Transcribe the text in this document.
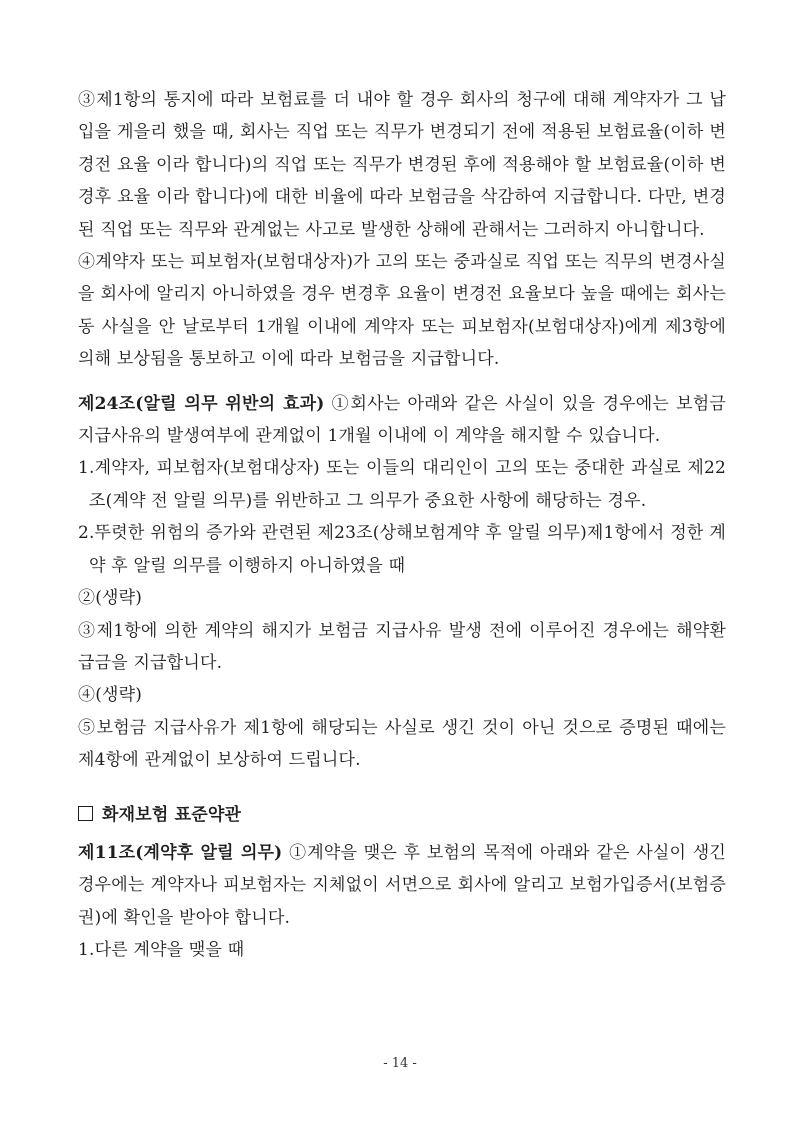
③제1항의 통지에 따라 보험료를 더 내야 할 경우 회사의 청구에 대해 계약자가 그 납입을 게을리 했을 때, 회사는 직업 또는 직무가 변경되기 전에 적용된 보험료율(이하 변경전 요율 이라 합니다)의 직업 또는 직무가 변경된 후에 적용해야 할 보험료율(이하 변경후 요율 이라 합니다)에 대한 비율에 따라 보험금을 삭감하여 지급합니다. 다만, 변경된 직업 또는 직무와 관계없는 사고로 발생한 상해에 관해서는 그러하지 아니합니다.

④계약자 또는 피보험자(보험대상자)가 고의 또는 중과실로 직업 또는 직무의 변경사실을 회사에 알리지 아니하였을 경우 변경후 요율이 변경전 요율보다 높을 때에는 회사는 동 사실을 안 날로부터 1개월 이내에 계약자 또는 피보험자(보험대상자)에게 제3항에 의해 보상됨을 통보하고 이에 따라 보험금을 지급합니다.

제24조(알릴 의무 위반의 효과) ①회사는 아래와 같은 사실이 있을 경우에는 보험금 지급사유의 발생여부에 관계없이 1개월 이내에 이 계약을 해지할 수 있습니다.

1.계약자, 피보험자(보험대상자) 또는 이들의 대리인이 고의 또는 중대한 과실로 제22조(계약 전 알릴 의무)를 위반하고 그 의무가 중요한 사항에 해당하는 경우.

2.뚜렷한 위험의 증가와 관련된 제23조(상해보험계약 후 알릴 의무)제1항에서 정한 계약 후 알릴 의무를 이행하지 아니하였을 때

②(생략)

③제1항에 의한 계약의 해지가 보험금 지급사유 발생 전에 이루어진 경우에는 해약환급금을 지급합니다.

④(생략)

⑤보험금 지급사유가 제1항에 해당되는 사실로 생긴 것이 아닌 것으로 증명된 때에는 제4항에 관계없이 보상하여 드립니다.

화재보험 표준약관

제11조(계약후 알릴 의무) ①계약을 맺은 후 보험의 목적에 아래와 같은 사실이 생긴 경우에는 계약자나 피보험자는 지체없이 서면으로 회사에 알리고 보험가입증서(보험증권)에 확인을 받아야 합니다.

1.다른 계약을 맺을 때

- 14 -
